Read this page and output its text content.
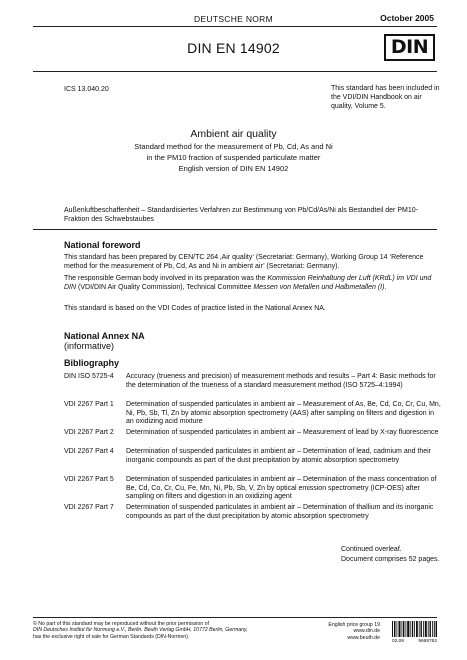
DEUTSCHE NORM	October 2005
DIN EN 14902	DIN
ICS 13.040.20	This standard has been included in the VDI/DIN Handbook on air quality, Volume 5.
Ambient air quality
Standard method for the measurement of Pb, Cd, As and Ni
in the PM10 fraction of suspended particulate matter
English version of DIN EN 14902
Außenluftbeschaffenheit – Standardisiertes Verfahren zur Bestimmung von Pb/Cd/As/Ni als Bestandteil der PM10-Fraktion des Schwebstaubes
National foreword
This standard has been prepared by CEN/TC 264 ‚Air quality‘ (Secretariat: Germany), Working Group 14 ‘Reference method for the measurement of Pb, Cd, As and Ni in ambient air’ (Secretariat: Germany).
The responsible German body involved in its preparation was the Kommission Reinhaltung der Luft (KRdL) im VDI und DIN (VDI/DIN Air Quality Commission), Technical Committee Messen von Metallen und Halbmetallen (I).
This standard is based on the VDI Codes of practice listed in the National Annex NA.
National Annex NA
(informative)
Bibliography
DIN ISO 5725-4	Accuracy (trueness and precision) of measurement methods and results – Part 4: Basic methods for the determination of the trueness of a standard measurement method (ISO 5725–4:1994)
VDI 2267 Part 1	Determination of suspended particulates in ambient air – Measurement of As, Be, Cd, Co, Cr, Cu, Mn, Ni, Pb, Sb, Tl, Zn by atomic absorption spectrometry (AAS) after sampling on filters and digestion in an oxidizing acid mixture
VDI 2267 Part 2	Determination of suspended particulates in ambient air – Measurement of lead by X-ray fluorescence
VDI 2267 Part 4	Determination of suspended particulates in ambient air – Determination of lead, cadmium and their inorganic compounds as part of the dust precipitation by atomic absorption spectrometry
VDI 2267 Part 5	Determination of suspended particulates in ambient air – Determination of the mass concentration of Be, Cd, Co, Cr, Cu, Fe, Mn, Ni, Pb, Sb, V, Zn by optical emission spectrometry (ICP-OES) after sampling on filters and digestion in an oxidizing agent
VDI 2267 Part 7	Determination of suspended particulates in ambient air – Determination of thallium and its inorganic compounds as part of the dust precipitation by atomic absorption spectrometry
Continued overleaf.
Document comprises 52 pages.
© No part of this standard may be reproduced without the prior permission of
DIN Deutsches Institut für Normung e.V., Berlin. Beuth Verlag GmbH, 10772 Berlin, Germany,
has the exclusive right of sale for German Standards (DIN-Normen).
English price group 19
www.din.de
www.beuth.de
02.06	9668762
